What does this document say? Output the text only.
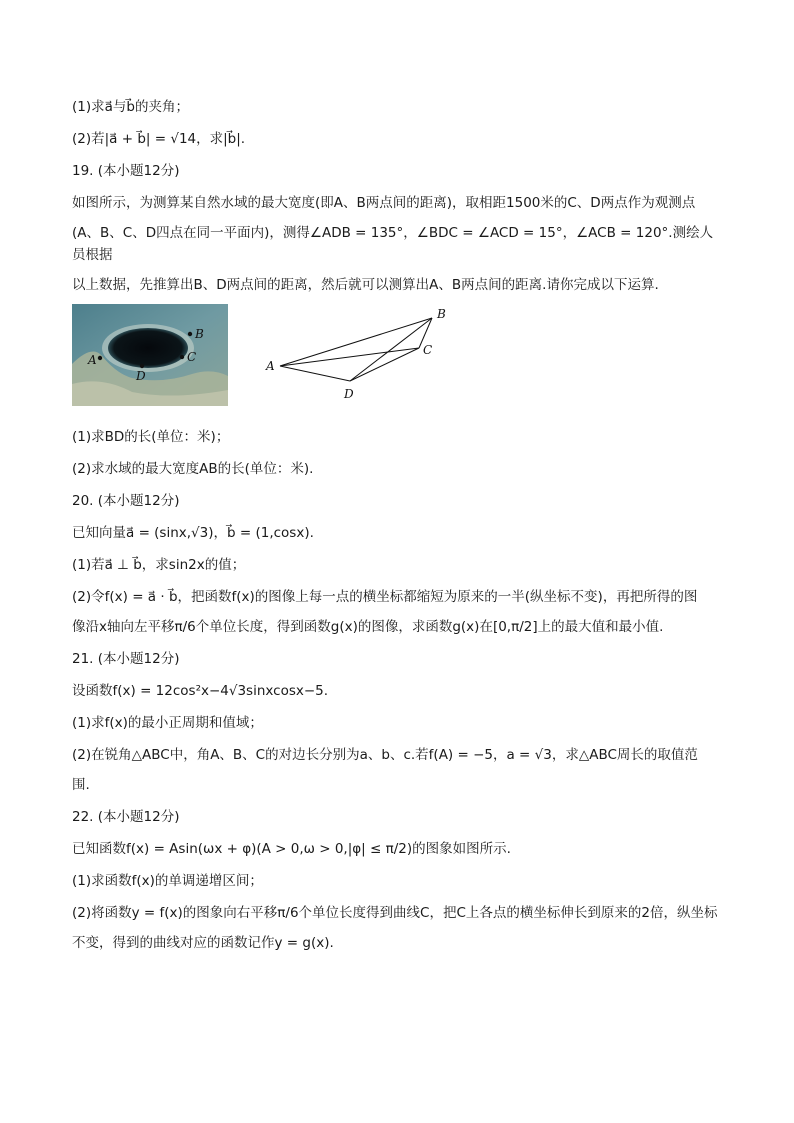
(1)求a⃗与b⃗的夹角；

(2)若|a⃗ + b⃗| = √14，求|b⃗|.

19. (本小题12分)

如图所示，为测算某自然水域的最大宽度(即A、B两点间的距离)，取相距1500米的C、D两点作为观测点

(A、B、C、D四点在同一平面内)，测得∠ADB = 135°，∠BDC = ∠ACD = 15°，∠ACB = 120°.测绘人员根据

以上数据，先推算出B、D两点间的距离，然后就可以测算出A、B两点间的距离.请你完成以下运算.

B
C
D
A	A
B
C
D

(1)求BD的长(单位：米)；

(2)求水域的最大宽度AB的长(单位：米).

20. (本小题12分)

已知向量a⃗ = (sinx,√3)，b⃗ = (1,cosx).

(1)若a⃗ ⊥ b⃗，求sin2x的值；

(2)令f(x) = a⃗ · b⃗，把函数f(x)的图像上每一点的横坐标都缩短为原来的一半(纵坐标不变)，再把所得的图

像沿x轴向左平移π/6个单位长度，得到函数g(x)的图像，求函数g(x)在[0,π/2]上的最大值和最小值.

21. (本小题12分)

设函数f(x) = 12cos²x−4√3sinxcosx−5.

(1)求f(x)的最小正周期和值域；

(2)在锐角△ABC中，角A、B、C的对边长分别为a、b、c.若f(A) = −5，a = √3，求△ABC周长的取值范

围.

22. (本小题12分)

已知函数f(x) = Asin(ωx + φ)(A > 0,ω > 0,|φ| ≤ π/2)的图象如图所示.

(1)求函数f(x)的单调递增区间；

(2)将函数y = f(x)的图象向右平移π/6个单位长度得到曲线C，把C上各点的横坐标伸长到原来的2倍，纵坐标

不变，得到的曲线对应的函数记作y = g(x).
